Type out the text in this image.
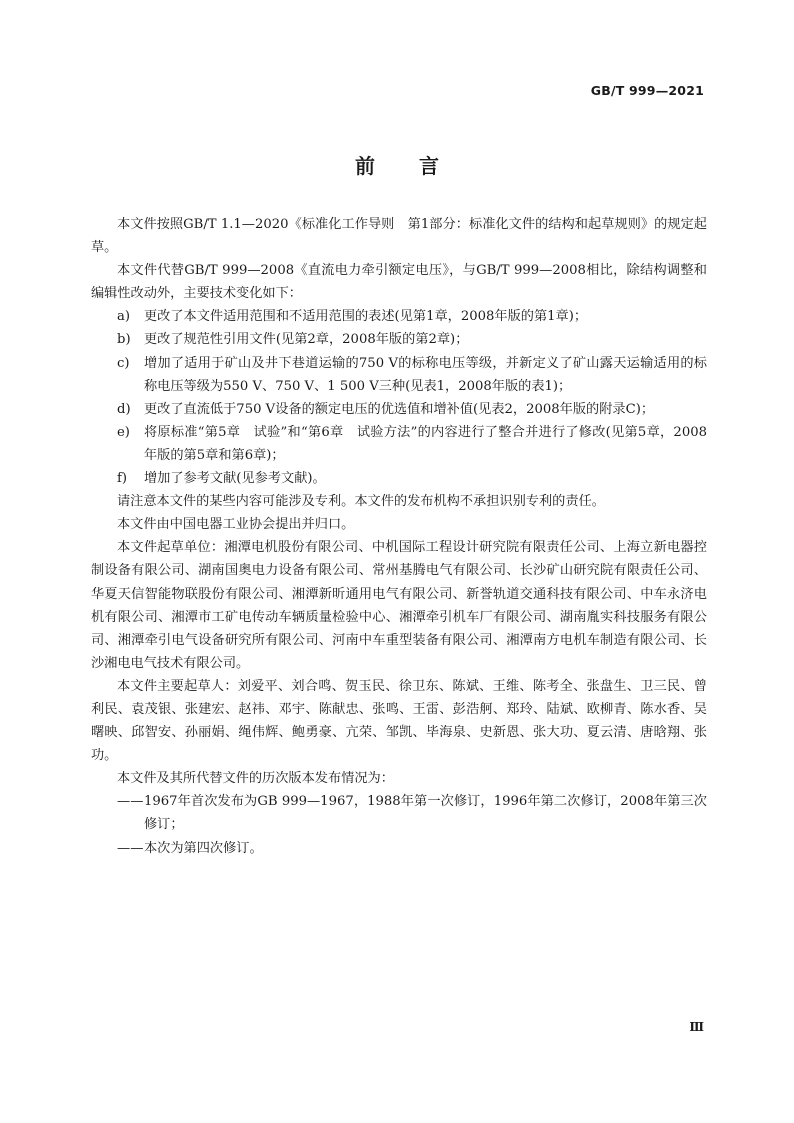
GB/T 999—2021
前 言
本文件按照GB/T 1.1—2020《标准化工作导则　第1部分：标准化文件的结构和起草规则》的规定起草。
本文件代替GB/T 999—2008《直流电力牵引额定电压》，与GB/T 999—2008相比，除结构调整和编辑性改动外，主要技术变化如下：
a) 更改了本文件适用范围和不适用范围的表述(见第1章，2008年版的第1章)；
b) 更改了规范性引用文件(见第2章，2008年版的第2章)；
c) 增加了适用于矿山及井下巷道运输的750 V的标称电压等级，并新定义了矿山露天运输适用的标称电压等级为550 V、750 V、1 500 V三种(见表1，2008年版的表1)；
d) 更改了直流低于750 V设备的额定电压的优选值和增补值(见表2，2008年版的附录C)；
e) 将原标准“第5章　试验”和“第6章　试验方法”的内容进行了整合并进行了修改(见第5章，2008年版的第5章和第6章)；
f) 增加了参考文献(见参考文献)。
请注意本文件的某些内容可能涉及专利。本文件的发布机构不承担识别专利的责任。
本文件由中国电器工业协会提出并归口。
本文件起草单位：湘潭电机股份有限公司、中机国际工程设计研究院有限责任公司、上海立新电器控制设备有限公司、湖南国奥电力设备有限公司、常州基腾电气有限公司、长沙矿山研究院有限责任公司、华夏天信智能物联股份有限公司、湘潭新昕通用电气有限公司、新誉轨道交通科技有限公司、中车永济电机有限公司、湘潭市工矿电传动车辆质量检验中心、湘潭牵引机车厂有限公司、湖南胤实科技服务有限公司、湘潭牵引电气设备研究所有限公司、河南中车重型装备有限公司、湘潭南方电机车制造有限公司、长沙湘电电气技术有限公司。
本文件主要起草人：刘爱平、刘合鸣、贺玉民、徐卫东、陈斌、王维、陈考全、张盘生、卫三民、曾利民、袁茂银、张建宏、赵祎、邓宇、陈献忠、张鸣、王雷、彭浩舸、郑玲、陆斌、欧柳青、陈水香、吴曙映、邱智安、孙丽娟、绳伟辉、鲍勇豪、亢荣、邹凯、毕海泉、史新恩、张大功、夏云清、唐晗翔、张功。
本文件及其所代替文件的历次版本发布情况为：
—— 1967年首次发布为GB 999—1967，1988年第一次修订，1996年第二次修订，2008年第三次修订；
—— 本次为第四次修订。
Ⅲ
